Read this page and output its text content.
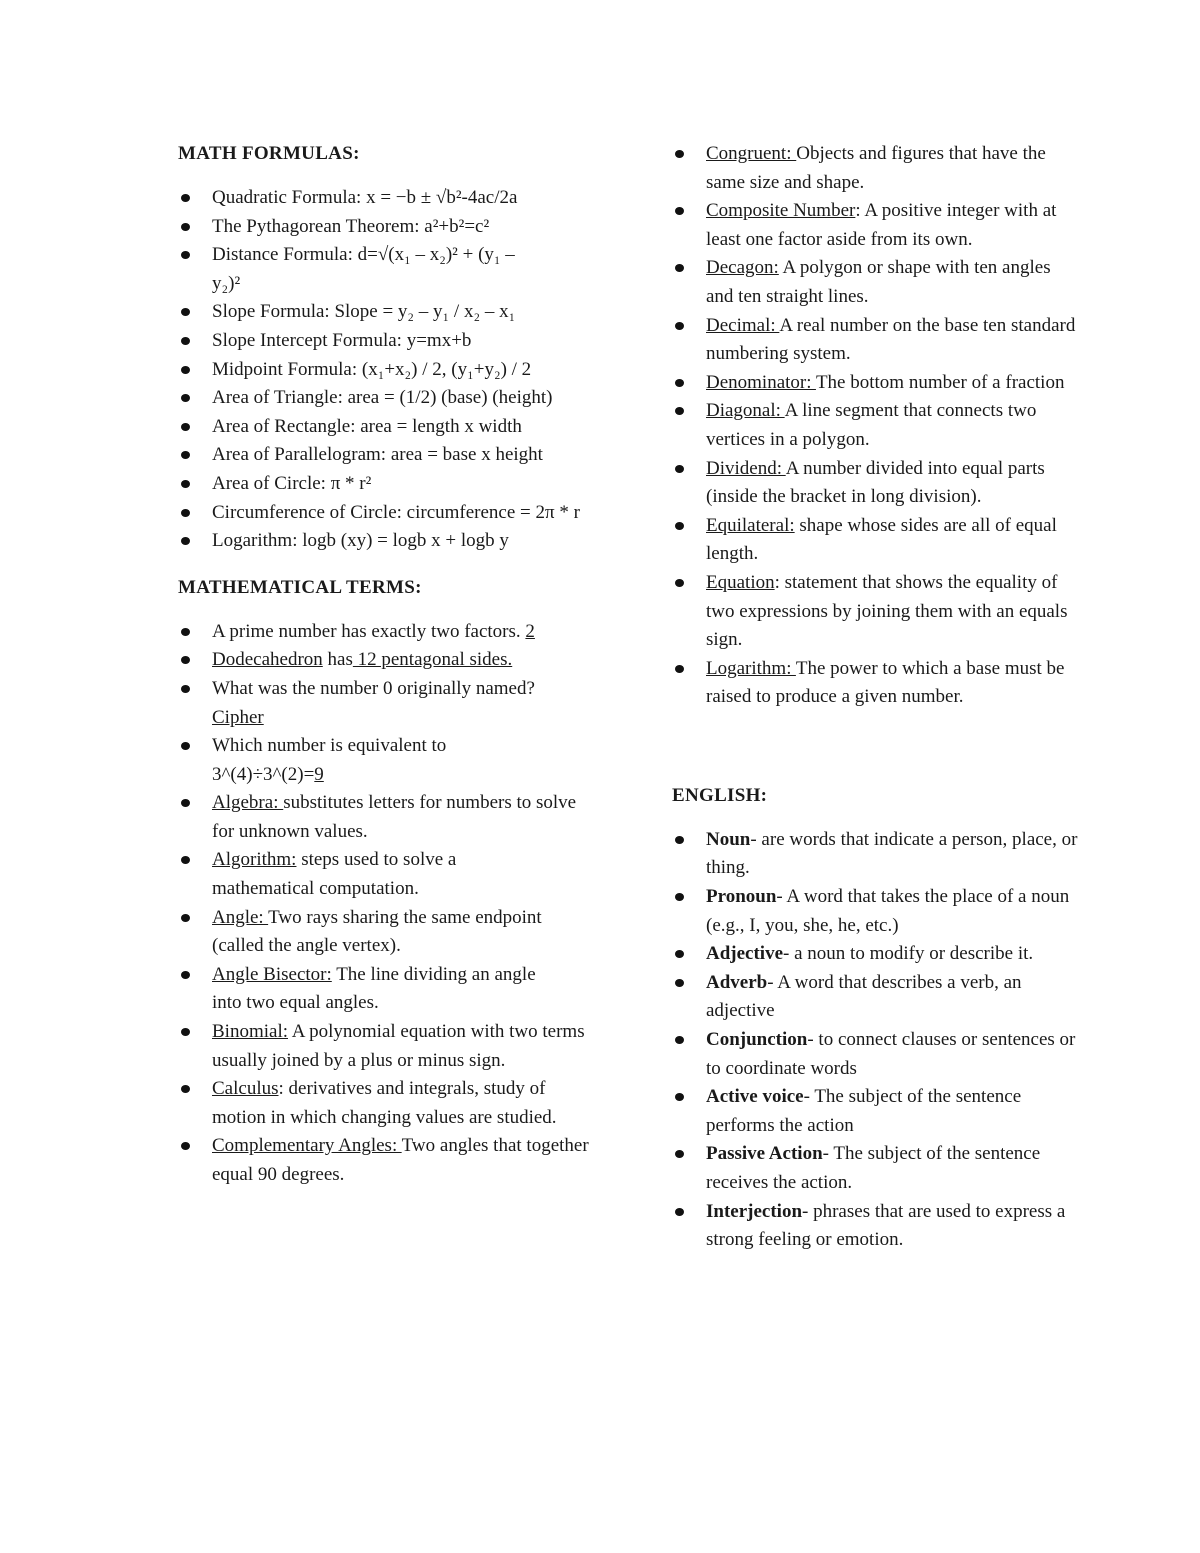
MATH FORMULAS:
Quadratic Formula: x = −b ± √b²-4ac/2a
The Pythagorean Theorem: a²+b²=c²
Distance Formula: d=√(x₁ – x₂)² + (y₁ – y₂)²
Slope Formula: Slope = y₂ – y₁ / x₂ – x₁
Slope Intercept Formula: y=mx+b
Midpoint Formula: (x₁+x₂) / 2, (y₁+y₂) / 2
Area of Triangle: area = (1/2) (base) (height)
Area of Rectangle: area = length x width
Area of Parallelogram: area = base x height
Area of Circle: π * r²
Circumference of Circle: circumference = 2π * r
Logarithm: logb (xy) = logb x + logb y
MATHEMATICAL TERMS:
A prime number has exactly two factors. 2
Dodecahedron has 12 pentagonal sides.
What was the number 0 originally named? Cipher
Which number is equivalent to 3^(4)÷3^(2)=9
Algebra: substitutes letters for numbers to solve for unknown values.
Algorithm: steps used to solve a mathematical computation.
Angle: Two rays sharing the same endpoint (called the angle vertex).
Angle Bisector: The line dividing an angle into two equal angles.
Binomial: A polynomial equation with two terms usually joined by a plus or minus sign.
Calculus: derivatives and integrals, study of motion in which changing values are studied.
Complementary Angles: Two angles that together equal 90 degrees.
Congruent: Objects and figures that have the same size and shape.
Composite Number: A positive integer with at least one factor aside from its own.
Decagon: A polygon or shape with ten angles and ten straight lines.
Decimal: A real number on the base ten standard numbering system.
Denominator: The bottom number of a fraction
Diagonal: A line segment that connects two vertices in a polygon.
Dividend: A number divided into equal parts (inside the bracket in long division).
Equilateral: shape whose sides are all of equal length.
Equation: statement that shows the equality of two expressions by joining them with an equals sign.
Logarithm: The power to which a base must be raised to produce a given number.
ENGLISH:
Noun- are words that indicate a person, place, or thing.
Pronoun- A word that takes the place of a noun (e.g., I, you, she, he, etc.)
Adjective- a noun to modify or describe it.
Adverb- A word that describes a verb, an adjective
Conjunction- to connect clauses or sentences or to coordinate words
Active voice- The subject of the sentence performs the action
Passive Action- The subject of the sentence receives the action.
Interjection- phrases that are used to express a strong feeling or emotion.
